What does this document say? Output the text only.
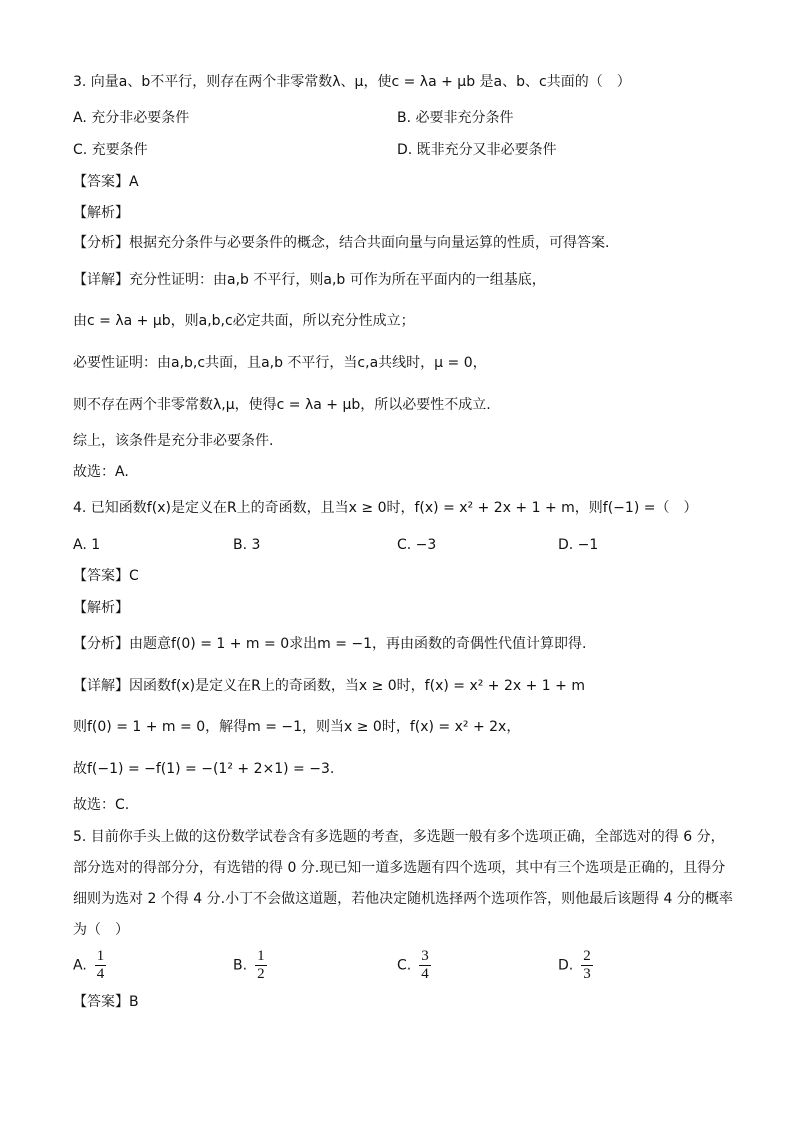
3. 向量a、b不平行，则存在两个非零常数λ、μ，使c = λa + μb 是a、b、c共面的（　）
A. 充分非必要条件	B. 必要非充分条件
C. 充要条件	D. 既非充分又非必要条件
【答案】A
【解析】
【分析】根据充分条件与必要条件的概念，结合共面向量与向量运算的性质，可得答案.
【详解】充分性证明：由a,b 不平行，则a,b 可作为所在平面内的一组基底，
由c = λa + μb，则a,b,c必定共面，所以充分性成立；
必要性证明：由a,b,c共面，且a,b 不平行，当c,a共线时，μ = 0，
则不存在两个非零常数λ,μ，使得c = λa + μb，所以必要性不成立.
综上，该条件是充分非必要条件.
故选：A.
4. 已知函数f(x)是定义在R上的奇函数，且当x ≥ 0时，f(x) = x² + 2x + 1 + m，则f(−1) =（　）
A. 1	B. 3	C. −3	D. −1
【答案】C
【解析】
【分析】由题意f(0) = 1 + m = 0求出m = −1，再由函数的奇偶性代值计算即得.
【详解】因函数f(x)是定义在R上的奇函数，当x ≥ 0时，f(x) = x² + 2x + 1 + m
则f(0) = 1 + m = 0，解得m = −1，则当x ≥ 0时，f(x) = x² + 2x，
故f(−1) = −f(1) = −(1² + 2×1) = −3.
故选：C.
5. 目前你手头上做的这份数学试卷含有多选题的考查，多选题一般有多个选项正确，全部选对的得 6 分，
部分选对的得部分分，有选错的得 0 分.现已知一道多选题有四个选项，其中有三个选项是正确的，且得分
细则为选对 2 个得 4 分.小丁不会做这道题，若他决定随机选择两个选项作答，则他最后该题得 4 分的概率
为（　）
A. $\frac{1}{4}$	B. $\frac{1}{2}$	C. $\frac{3}{4}$	D. $\frac{2}{3}$
【答案】B
